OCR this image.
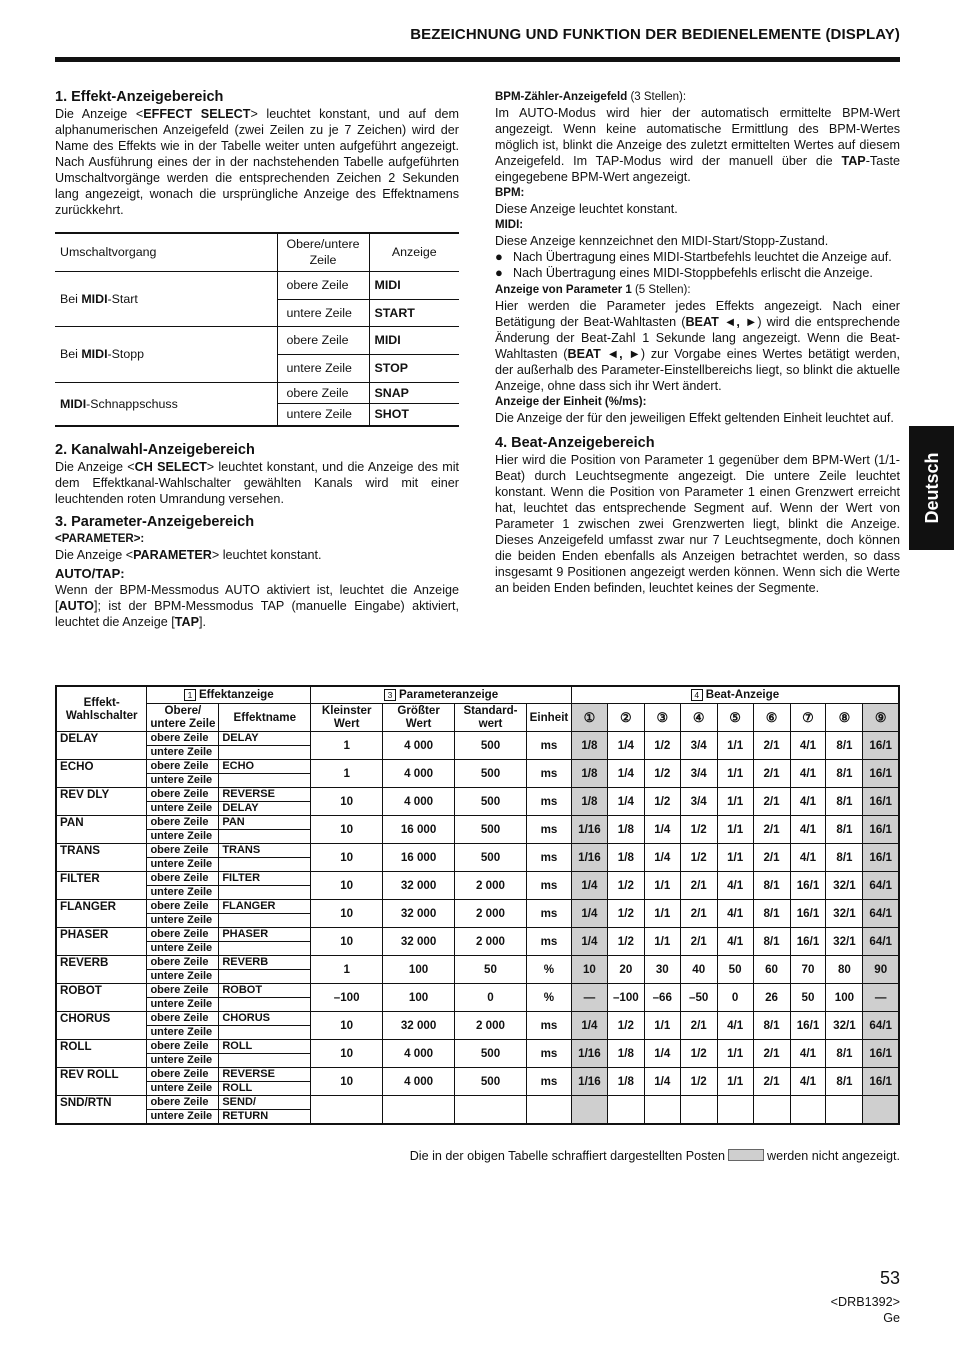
BEZEICHNUNG UND FUNKTION DER BEDIENELEMENTE (DISPLAY)
1. Effekt-Anzeigebereich

Die Anzeige <EFFECT SELECT> leuchtet konstant, und auf dem alphanumerischen Anzeigefeld (zwei Zeilen zu je 7 Zeichen) wird der Name des Effekts wie in der Tabelle weiter unten aufgeführt angezeigt. Nach Ausführung eines der in der nachstehenden Tabelle aufgeführten Umschaltvorgänge werden die entsprechenden Zeichen 2 Sekunden lang angezeigt, wonach die ursprüngliche Anzeige des Effektnamens zurückkehrt.

Umschaltvorgang	Obere/untere Zeile	Anzeige
Bei MIDI-Start	obere Zeile	MIDI
	untere Zeile	START
Bei MIDI-Stopp	obere Zeile	MIDI
	untere Zeile	STOP
MIDI-Schnappschuss	obere Zeile	SNAP
	untere Zeile	SHOT
2. Kanalwahl-Anzeigebereich

Die Anzeige <CH SELECT> leuchtet konstant, und die Anzeige des mit dem Effektkanal-Wahlschalter gewählten Kanals wird mit einer leuchtenden roten Umrandung versehen.

3. Parameter-Anzeigebereich
<PARAMETER>:

Die Anzeige <PARAMETER> leuchtet konstant.

AUTO/TAP:

Wenn der BPM-Messmodus AUTO aktiviert ist, leuchtet die Anzeige [AUTO]; ist der BPM-Messmodus TAP (manuelle Eingabe) aktiviert, leuchtet die Anzeige [TAP].

BPM-Zähler-Anzeigefeld (3 Stellen):

Im AUTO-Modus wird hier der automatisch ermittelte BPM-Wert angezeigt. Wenn keine automatische Ermittlung des BPM-Wertes möglich ist, blinkt die Anzeige des zuletzt ermittelten Wertes auf diesem Anzeigefeld. Im TAP-Modus wird der manuell über die TAP-Taste eingegebene BPM-Wert angezeigt.

BPM:

Diese Anzeige leuchtet konstant.

MIDI:

Diese Anzeige kennzeichnet den MIDI-Start/Stopp-Zustand.

● Nach Übertragung eines MIDI-Startbefehls leuchtet die Anzeige auf.
● Nach Übertragung eines MIDI-Stoppbefehls erlischt die Anzeige.
Anzeige von Parameter 1 (5 Stellen):

Hier werden die Parameter jedes Effekts angezeigt. Nach einer Betätigung der Beat-Wahltasten (BEAT ◄, ►) wird die entsprechende Änderung der Beat-Zahl 1 Sekunde lang angezeigt. Wenn die Beat-Wahltasten (BEAT ◄, ►) zur Vorgabe eines Wertes betätigt werden, der außerhalb des Parameter-Einstellbereichs liegt, so blinkt die aktuelle Anzeige, ohne dass sich ihr Wert ändert.

Anzeige der Einheit (%/ms):

Die Anzeige der für den jeweiligen Effekt geltenden Einheit leuchtet auf.

4. Beat-Anzeigebereich

Hier wird die Position von Parameter 1 gegenüber dem BPM-Wert (1/1-Beat) durch Leuchtsegmente angezeigt. Die untere Zeile leuchtet konstant. Wenn die Position von Parameter 1 einen Grenzwert erreicht hat, leuchtet das entsprechende Segment auf. Wenn der Wert von Parameter 1 zwischen zwei Grenzwerten liegt, blinkt die Anzeige. Dieses Anzeigefeld umfasst zwar nur 7 Leuchtsegmente, doch können die beiden Enden ebenfalls als Anzeigen betrachtet werden, so dass insgesamt 9 Positionen angezeigt werden können. Wenn sich die Werte an beiden Enden befinden, leuchtet keines der Segmente.

Deutsch
Effekt-Wahlschalter	1 Effektanzeige		3 Parameteranzeige				4 Beat-Anzeige								
	Obere/ untere Zeile	Effektname	Kleinster Wert	Größter Wert	Standard-wert	Einheit	①	②	③	④	⑤	⑥	⑦	⑧	⑨
DELAY	obere Zeile	DELAY	1	4 000	500	ms	1/8	1/4	1/2	3/4	1/1	2/1	4/1	8/1	16/1
	untere Zeile														
ECHO	obere Zeile	ECHO	1	4 000	500	ms	1/8	1/4	1/2	3/4	1/1	2/1	4/1	8/1	16/1
	untere Zeile														
REV DLY	obere Zeile	REVERSE	10	4 000	500	ms	1/8	1/4	1/2	3/4	1/1	2/1	4/1	8/1	16/1
	untere Zeile	DELAY													
PAN	obere Zeile	PAN	10	16 000	500	ms	1/16	1/8	1/4	1/2	1/1	2/1	4/1	8/1	16/1
	untere Zeile														
TRANS	obere Zeile	TRANS	10	16 000	500	ms	1/16	1/8	1/4	1/2	1/1	2/1	4/1	8/1	16/1
	untere Zeile														
FILTER	obere Zeile	FILTER	10	32 000	2 000	ms	1/4	1/2	1/1	2/1	4/1	8/1	16/1	32/1	64/1
	untere Zeile														
FLANGER	obere Zeile	FLANGER	10	32 000	2 000	ms	1/4	1/2	1/1	2/1	4/1	8/1	16/1	32/1	64/1
	untere Zeile														
PHASER	obere Zeile	PHASER	10	32 000	2 000	ms	1/4	1/2	1/1	2/1	4/1	8/1	16/1	32/1	64/1
	untere Zeile														
REVERB	obere Zeile	REVERB	1	100	50	%	10	20	30	40	50	60	70	80	90
	untere Zeile														
ROBOT	obere Zeile	ROBOT	–100	100	0	%	—	–100	–66	–50	0	26	50	100	—
	untere Zeile														
CHORUS	obere Zeile	CHORUS	10	32 000	2 000	ms	1/4	1/2	1/1	2/1	4/1	8/1	16/1	32/1	64/1
	untere Zeile														
ROLL	obere Zeile	ROLL	10	4 000	500	ms	1/16	1/8	1/4	1/2	1/1	2/1	4/1	8/1	16/1
	untere Zeile														
REV ROLL	obere Zeile	REVERSE	10	4 000	500	ms	1/16	1/8	1/4	1/2	1/1	2/1	4/1	8/1	16/1
	untere Zeile	ROLL													
SND/RTN	obere Zeile	SEND/													
	untere Zeile	RETURN													
Die in der obigen Tabelle schraffiert dargestellten Posten	werden nicht angezeigt.
53
<DRB1392>
Ge
